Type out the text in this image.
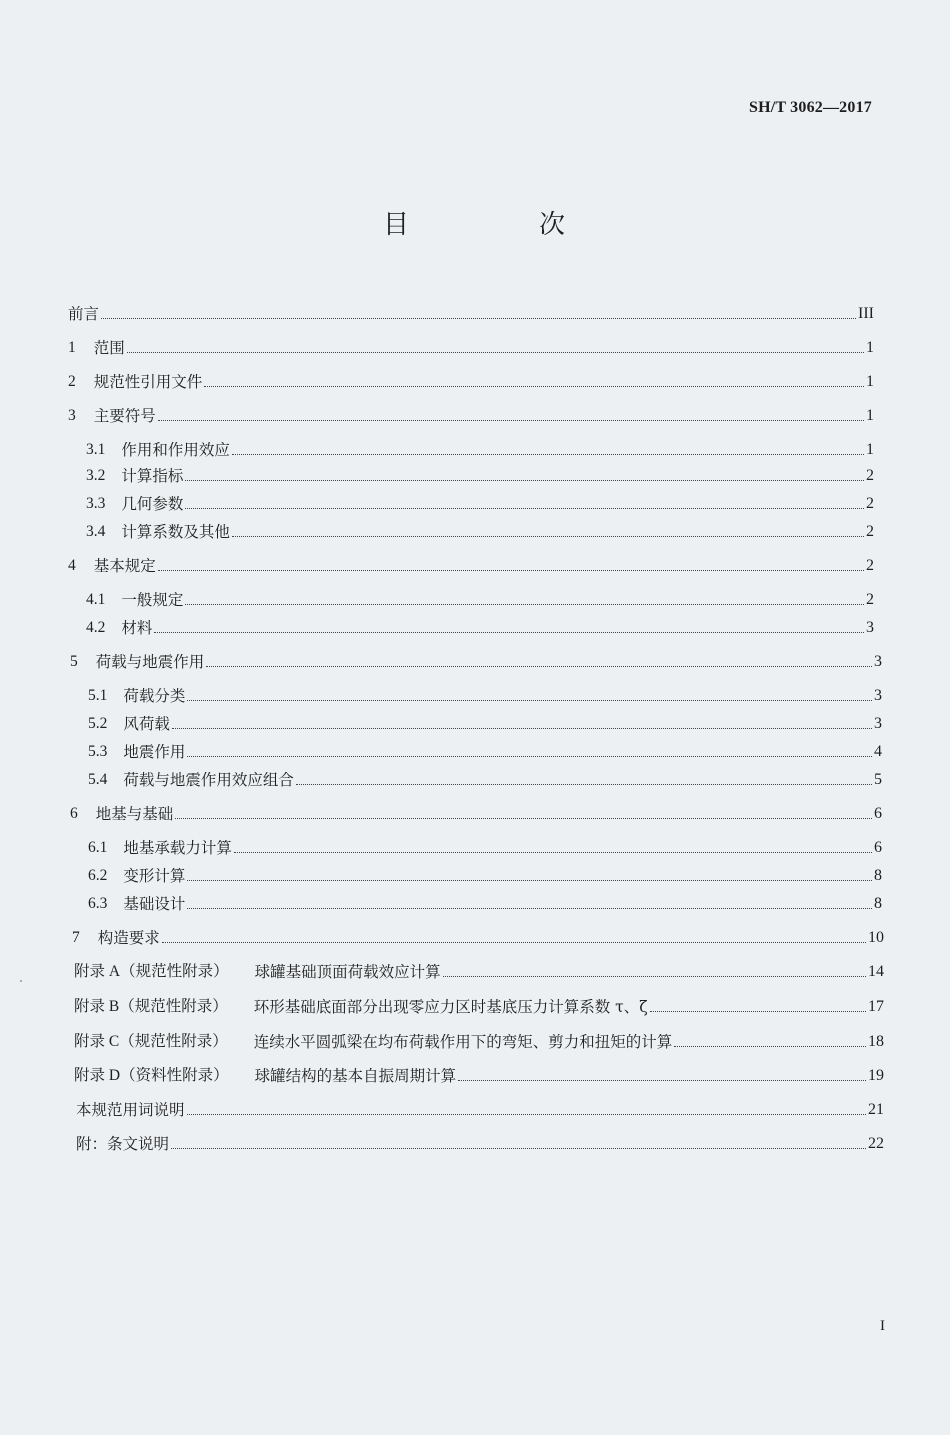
SH/T 3062—2017
目　次
前言	III
1 范围	1
2 规范性引用文件	1
3 主要符号	1
3.1 作用和作用效应	1
3.2 计算指标	2
3.3 几何参数	2
3.4 计算系数及其他	2
4 基本规定	2
4.1 一般规定	2
4.2 材料	3
5 荷载与地震作用	3
5.1 荷载分类	3
5.2 风荷载	3
5.3 地震作用	4
5.4 荷载与地震作用效应组合	5
6 地基与基础	6
6.1 地基承载力计算	6
6.2 变形计算	8
6.3 基础设计	8
7 构造要求	10
附录 A（规范性附录） 球罐基础顶面荷载效应计算	14
附录 B（规范性附录） 环形基础底面部分出现零应力区时基底压力计算系数 τ、ζ	17
附录 C（规范性附录） 连续水平圆弧梁在均布荷载作用下的弯矩、剪力和扭矩的计算	18
附录 D（资料性附录） 球罐结构的基本自振周期计算	19
本规范用词说明	21
附：条文说明	22
I
